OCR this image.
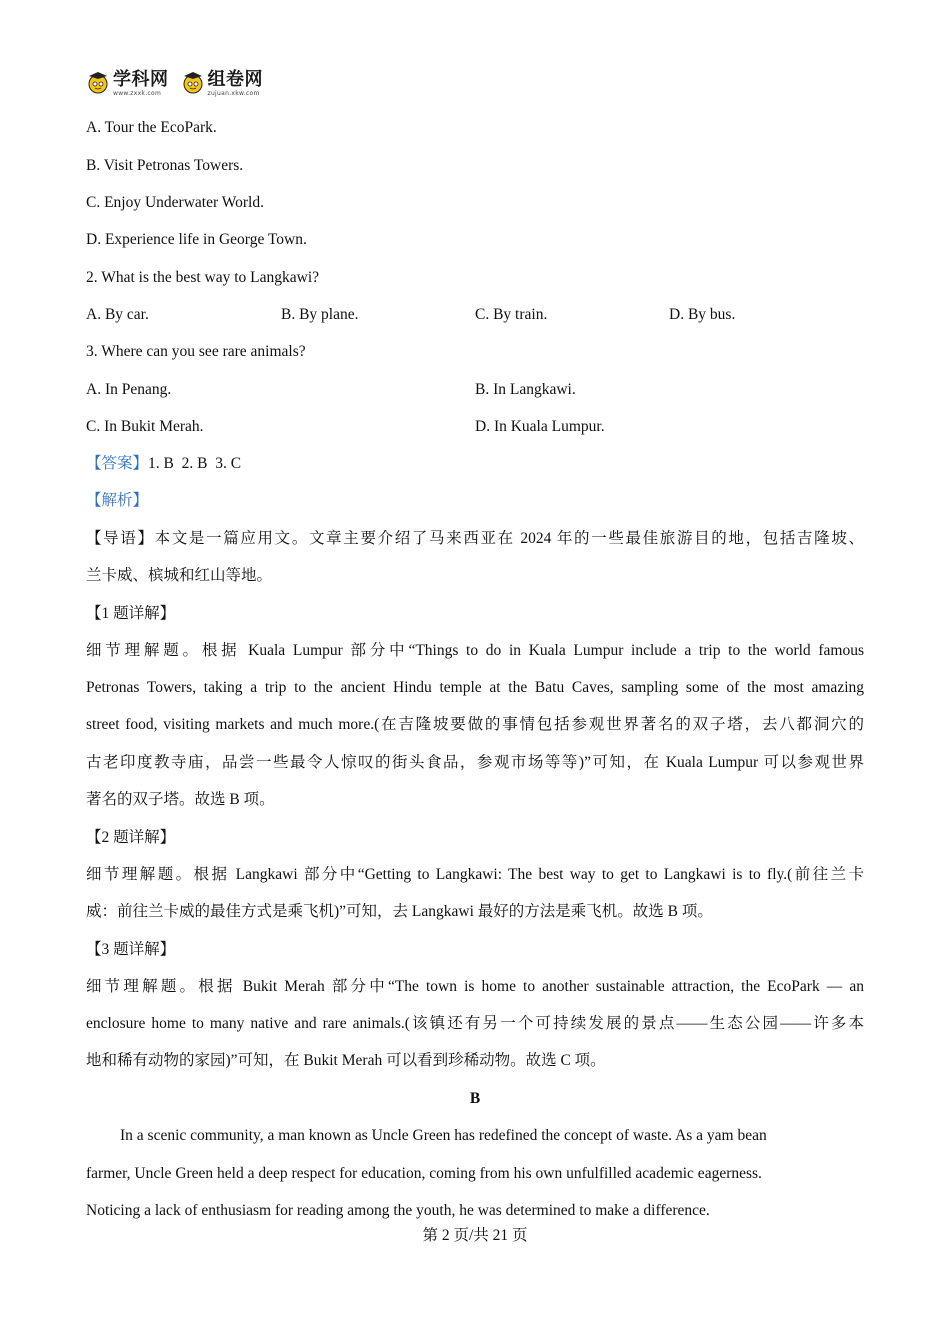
学科网
www.zxxk.com
组卷网
zujuan.xkw.com
A. Tour the EcoPark.
B. Visit Petronas Towers.
C. Enjoy Underwater World.
D. Experience life in George Town.
2. What is the best way to Langkawi?
A. By car.	B. By plane.	C. By train.	D. By bus.
3. Where can you see rare animals?
A. In Penang.	B. In Langkawi.
C. In Bukit Merah.	D. In Kuala Lumpur.
【答案】1. B  2. B  3. C
【解析】
【导语】本文是一篇应用文。文章主要介绍了马来西亚在 2024 年的一些最佳旅游目的地，包括吉隆坡、
兰卡威、槟城和红山等地。
【1 题详解】
细节理解题。根据 Kuala Lumpur 部分中“Things to do in Kuala Lumpur include a trip to the world famous
Petronas Towers, taking a trip to the ancient Hindu temple at the Batu Caves, sampling some of the most amazing
street food, visiting markets and much more.(在吉隆坡要做的事情包括参观世界著名的双子塔，去八都洞穴的
古老印度教寺庙，品尝一些最令人惊叹的街头食品，参观市场等等)”可知，在 Kuala Lumpur 可以参观世界
著名的双子塔。故选 B 项。
【2 题详解】
细节理解题。根据 Langkawi 部分中“Getting to Langkawi: The best way to get to Langkawi is to fly.(前往兰卡
威：前往兰卡威的最佳方式是乘飞机)”可知，去 Langkawi 最好的方法是乘飞机。故选 B 项。
【3 题详解】
细节理解题。根据 Bukit Merah 部分中“The town is home to another sustainable attraction, the EcoPark — an
enclosure home to many native and rare animals.(该镇还有另一个可持续发展的景点——生态公园——许多本
地和稀有动物的家园)”可知，在 Bukit Merah 可以看到珍稀动物。故选 C 项。
B
In a scenic community, a man known as Uncle Green has redefined the concept of waste. As a yam bean
farmer, Uncle Green held a deep respect for education, coming from his own unfulfilled academic eagerness.
Noticing a lack of enthusiasm for reading among the youth, he was determined to make a difference.
第 2 页/共 21 页
